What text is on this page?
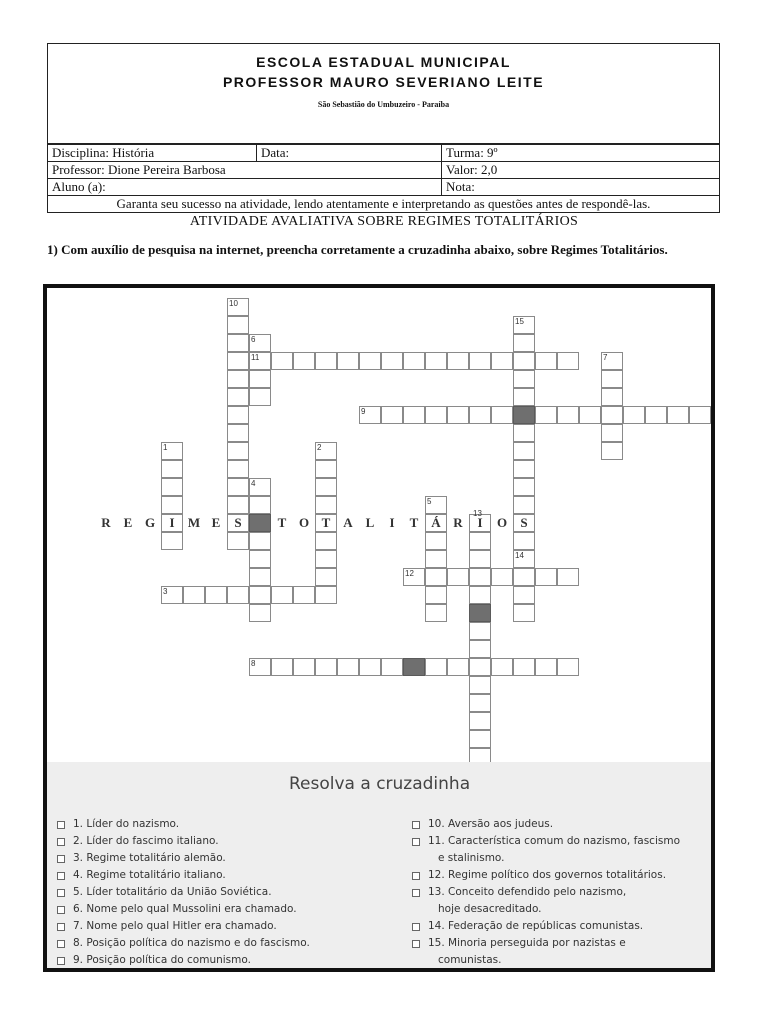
ESCOLA ESTADUAL MUNICIPAL
PROFESSOR MAURO SEVERIANO LEITE
São Sebastião do Umbuzeiro - Paraíba
Disciplina: História	Data:	Turma: 9º
Professor: Dione Pereira Barbosa		Valor: 2,0
Aluno (a):		Nota:
Garanta seu sucesso na atividade, lendo atentamente e interpretando as questões antes de respondê-las.		
ATIVIDADE AVALIATIVA SOBRE REGIMES TOTALITÁRIOS
1) Com auxílio de pesquisa na internet, preencha corretamente a cruzadinha abaixo, sobre Regimes Totalitários.
1	2
3
4
5
6
7
8
9
10
11
12
14
15
13
R E G	I	M E	S	T O T A L	I	T Á R	I	O	S
Resolva a cruzadinha
1. Líder do nazismo.
2. Líder do fascimo italiano.
3. Regime totalitário alemão.
4. Regime totalitário italiano.
5. Líder totalitário da União Soviética.
6. Nome pelo qual Mussolini era chamado.
7. Nome pelo qual Hitler era chamado.
8. Posição política do nazismo e do fascismo.
9. Posição política do comunismo.
10. Aversão aos judeus.
11. Característica comum do nazismo, fascismo
e stalinismo.
12. Regime político dos governos totalitários.
13. Conceito defendido pelo nazismo,
hoje desacreditado.
14. Federação de repúblicas comunistas.
15. Minoria perseguida por nazistas e
comunistas.
